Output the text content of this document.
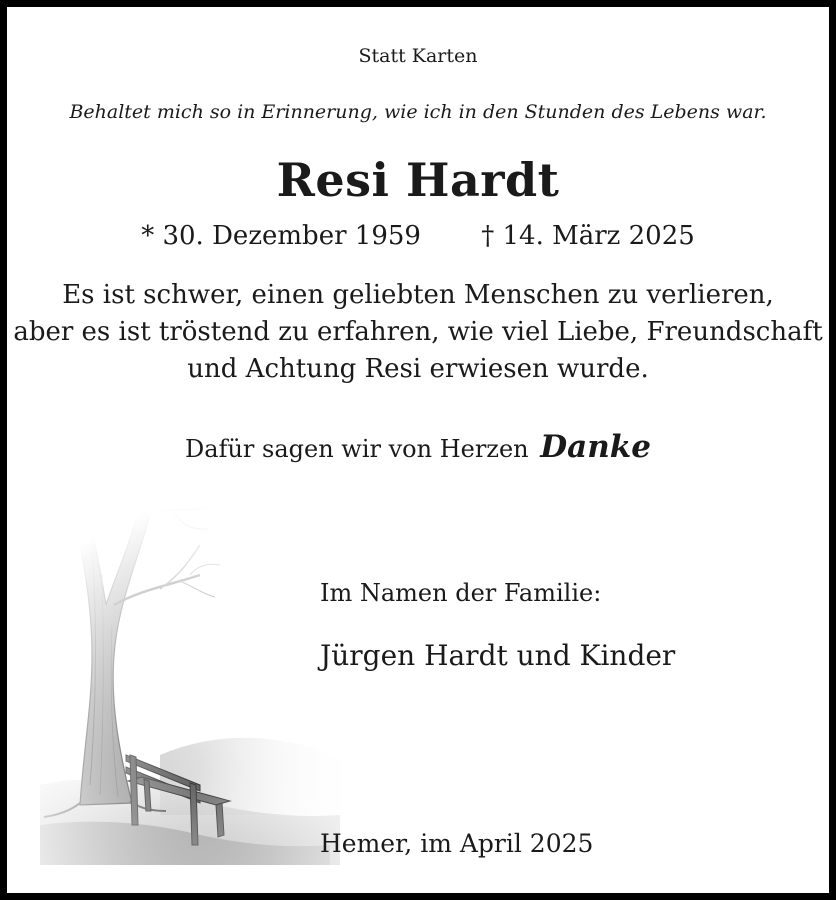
Statt Karten
Behaltet mich so in Erinnerung, wie ich in den Stunden des Lebens war.
Resi Hardt
* 30. Dezember 1959 † 14. März 2025
Es ist schwer, einen geliebten Menschen zu verlieren,
aber es ist tröstend zu erfahren, wie viel Liebe, Freundschaft
und Achtung Resi erwiesen wurde.
Dafür sagen wir von Herzen Danke
Im Namen der Familie:
Jürgen Hardt und Kinder
Hemer, im April 2025
